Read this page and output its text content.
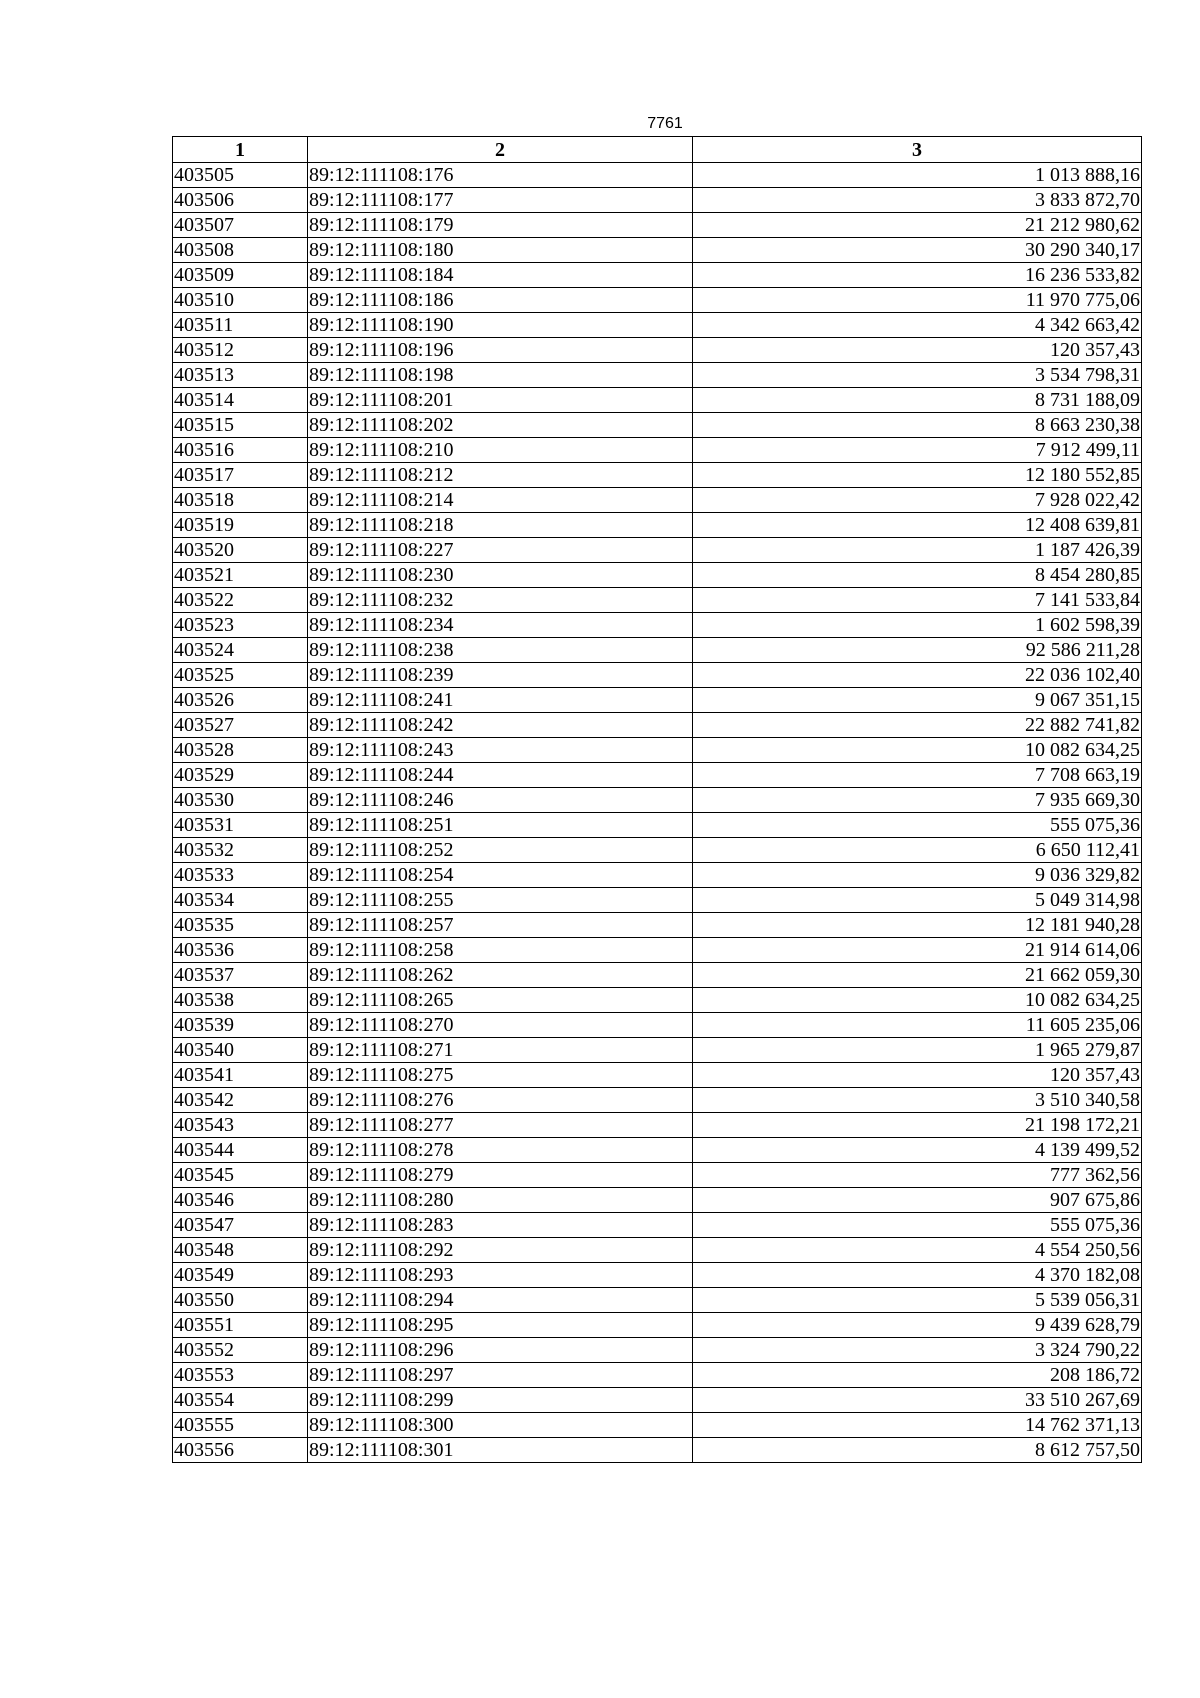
7761
1	2	3
403505	89:12:111108:176	1 013 888,16
403506	89:12:111108:177	3 833 872,70
403507	89:12:111108:179	21 212 980,62
403508	89:12:111108:180	30 290 340,17
403509	89:12:111108:184	16 236 533,82
403510	89:12:111108:186	11 970 775,06
403511	89:12:111108:190	4 342 663,42
403512	89:12:111108:196	120 357,43
403513	89:12:111108:198	3 534 798,31
403514	89:12:111108:201	8 731 188,09
403515	89:12:111108:202	8 663 230,38
403516	89:12:111108:210	7 912 499,11
403517	89:12:111108:212	12 180 552,85
403518	89:12:111108:214	7 928 022,42
403519	89:12:111108:218	12 408 639,81
403520	89:12:111108:227	1 187 426,39
403521	89:12:111108:230	8 454 280,85
403522	89:12:111108:232	7 141 533,84
403523	89:12:111108:234	1 602 598,39
403524	89:12:111108:238	92 586 211,28
403525	89:12:111108:239	22 036 102,40
403526	89:12:111108:241	9 067 351,15
403527	89:12:111108:242	22 882 741,82
403528	89:12:111108:243	10 082 634,25
403529	89:12:111108:244	7 708 663,19
403530	89:12:111108:246	7 935 669,30
403531	89:12:111108:251	555 075,36
403532	89:12:111108:252	6 650 112,41
403533	89:12:111108:254	9 036 329,82
403534	89:12:111108:255	5 049 314,98
403535	89:12:111108:257	12 181 940,28
403536	89:12:111108:258	21 914 614,06
403537	89:12:111108:262	21 662 059,30
403538	89:12:111108:265	10 082 634,25
403539	89:12:111108:270	11 605 235,06
403540	89:12:111108:271	1 965 279,87
403541	89:12:111108:275	120 357,43
403542	89:12:111108:276	3 510 340,58
403543	89:12:111108:277	21 198 172,21
403544	89:12:111108:278	4 139 499,52
403545	89:12:111108:279	777 362,56
403546	89:12:111108:280	907 675,86
403547	89:12:111108:283	555 075,36
403548	89:12:111108:292	4 554 250,56
403549	89:12:111108:293	4 370 182,08
403550	89:12:111108:294	5 539 056,31
403551	89:12:111108:295	9 439 628,79
403552	89:12:111108:296	3 324 790,22
403553	89:12:111108:297	208 186,72
403554	89:12:111108:299	33 510 267,69
403555	89:12:111108:300	14 762 371,13
403556	89:12:111108:301	8 612 757,50
